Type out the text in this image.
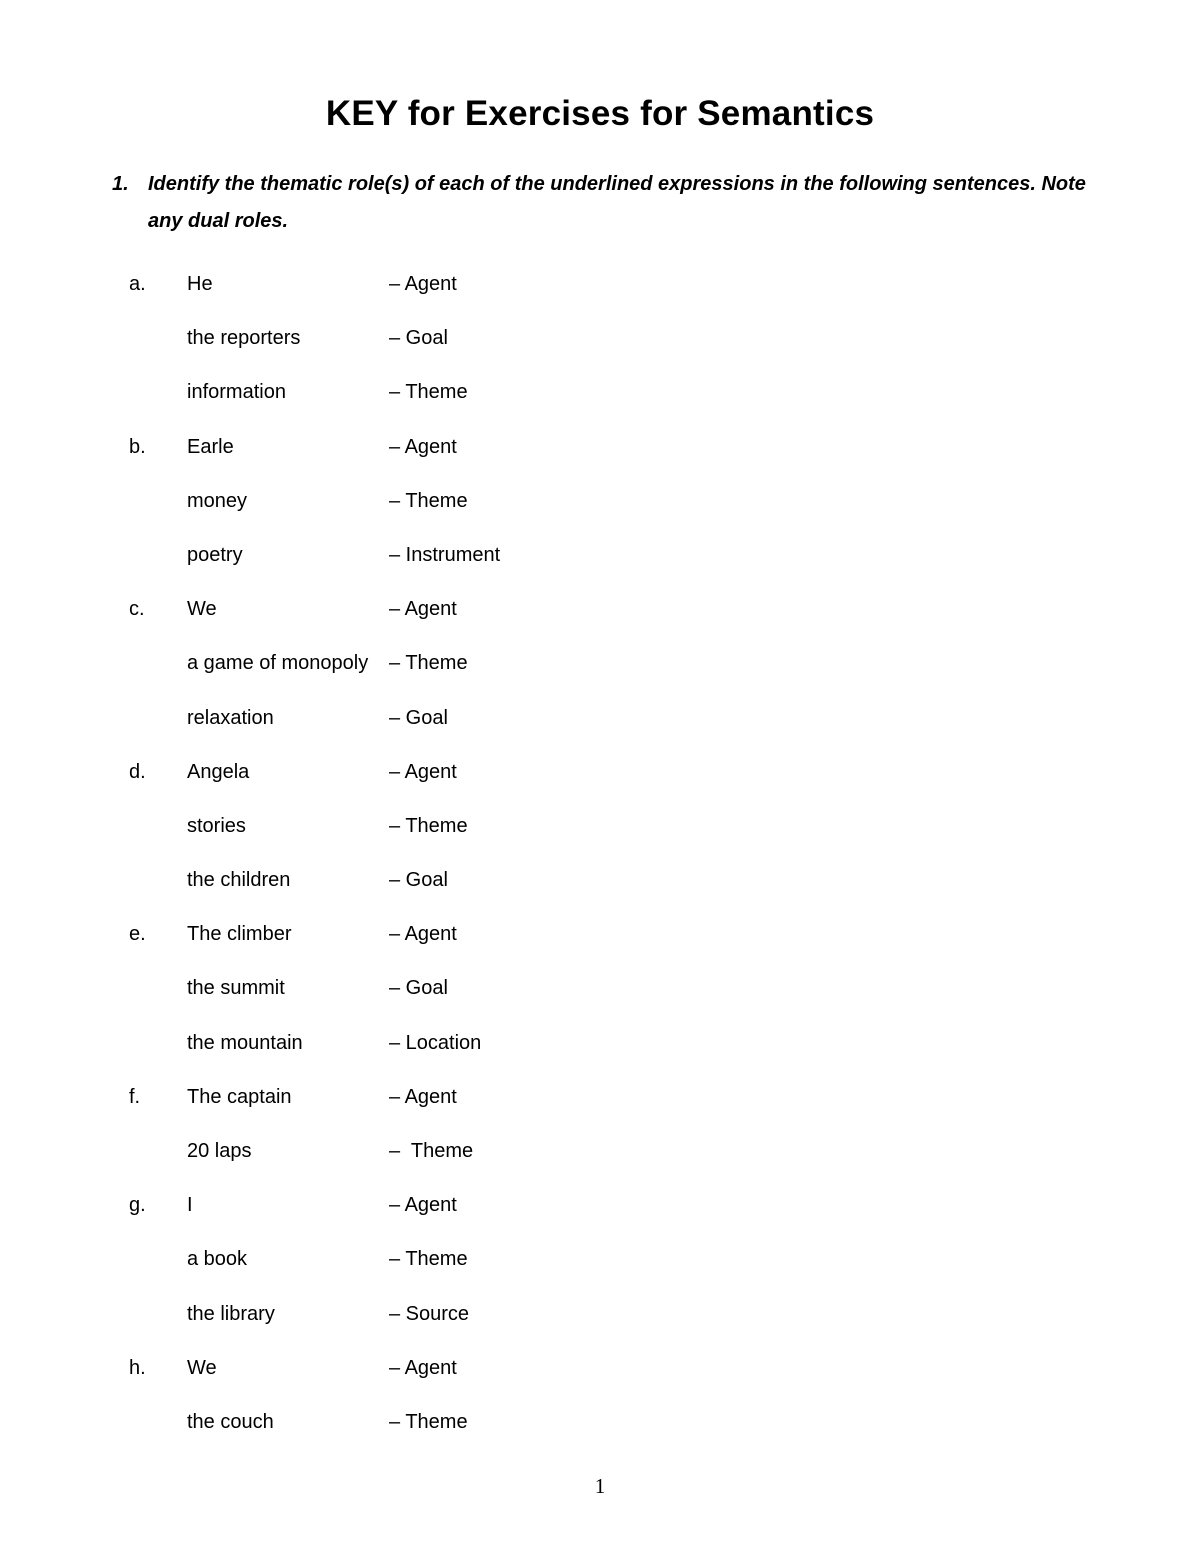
KEY for Exercises for Semantics
1. Identify the thematic role(s) of each of the underlined expressions in the following sentences. Note any dual roles.
a. He	– Agent
the reporters	– Goal
information	– Theme
b. Earle	– Agent
money	– Theme
poetry	– Instrument
c. We	– Agent
a game of monopoly – Theme
relaxation	– Goal
d. Angela	– Agent
stories	– Theme
the children	– Goal
e. The climber	– Agent
the summit	– Goal
the mountain	– Location
f. The captain	– Agent
20 laps	–  Theme
g. I	– Agent
a book	– Theme
the library	– Source
h. We	– Agent
the couch	– Theme
1
